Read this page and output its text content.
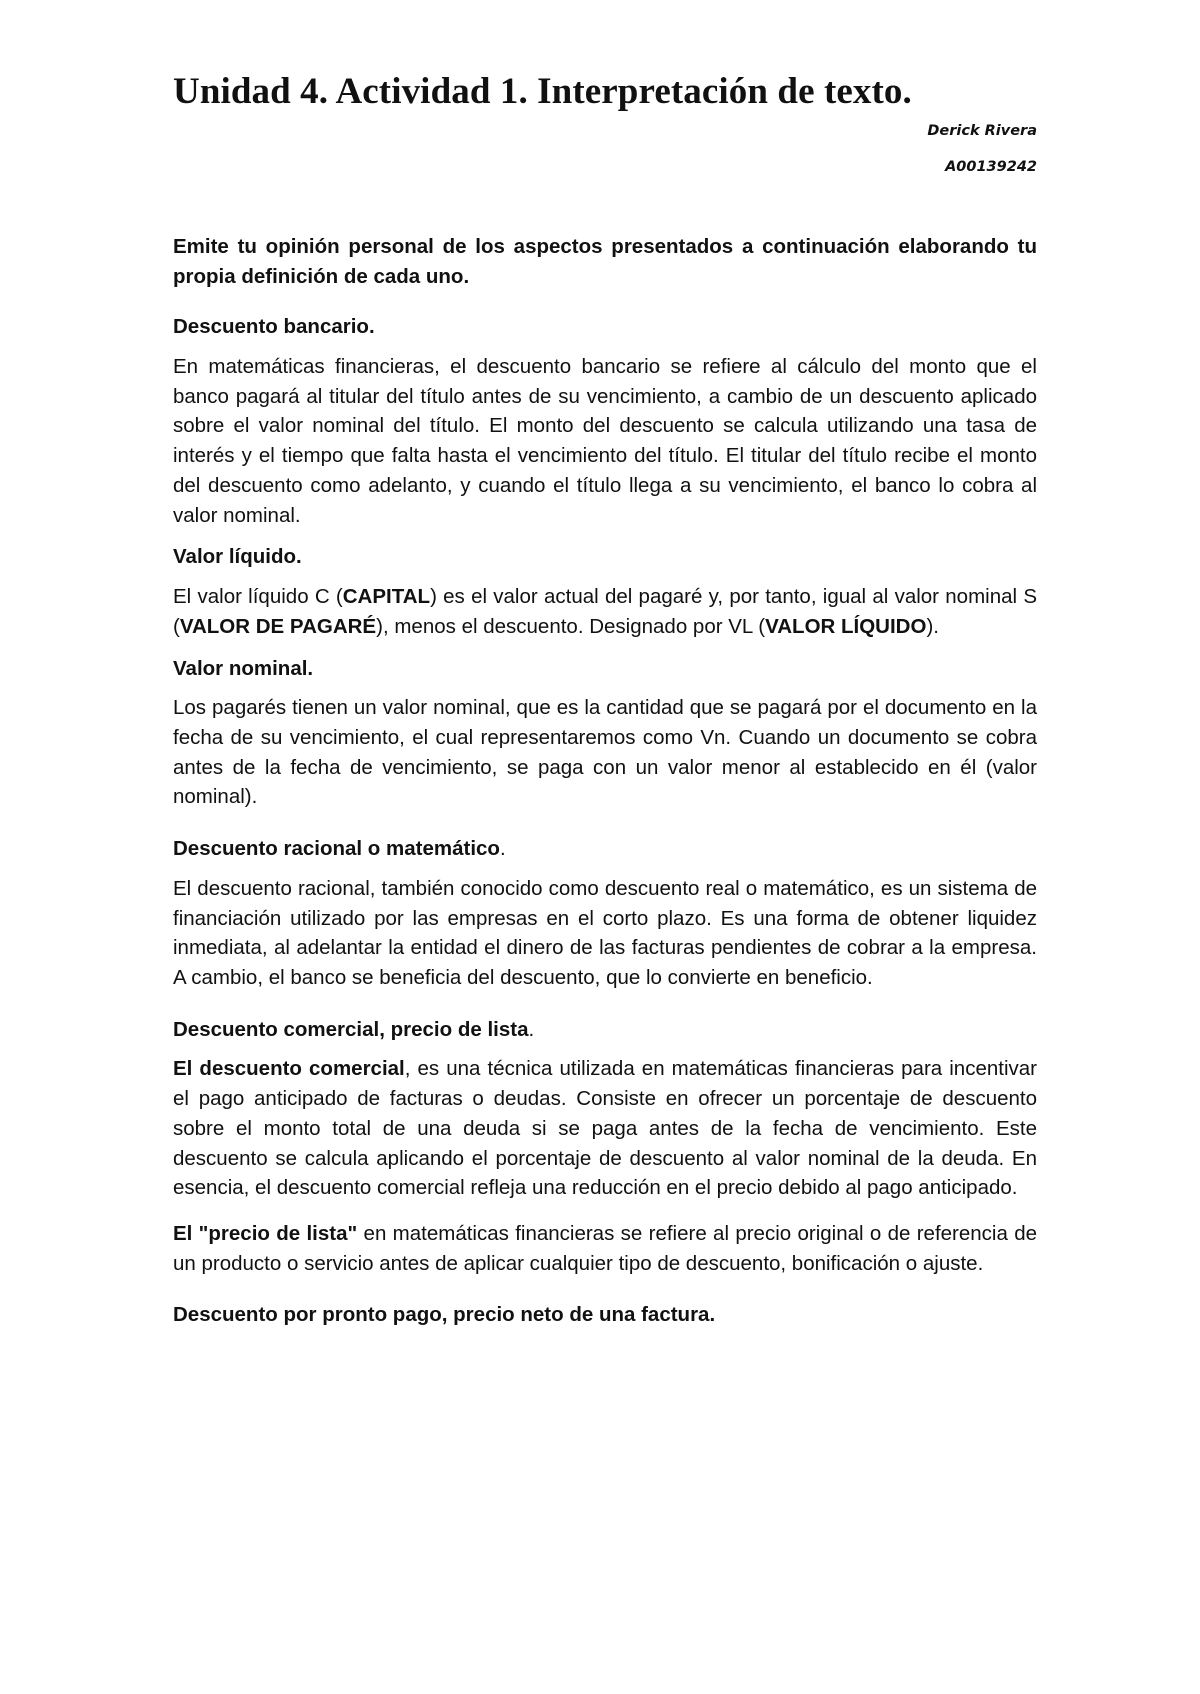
Unidad 4. Actividad 1. Interpretación de texto.
Derick Rivera
A00139242

Emite tu opinión personal de los aspectos presentados a continuación elaborando tu propia definición de cada uno.

Descuento bancario.

En matemáticas financieras, el descuento bancario se refiere al cálculo del monto que el banco pagará al titular del título antes de su vencimiento, a cambio de un descuento aplicado sobre el valor nominal del título. El monto del descuento se calcula utilizando una tasa de interés y el tiempo que falta hasta el vencimiento del título. El titular del título recibe el monto del descuento como adelanto, y cuando el título llega a su vencimiento, el banco lo cobra al valor nominal.

Valor líquido.

El valor líquido C (CAPITAL) es el valor actual del pagaré y, por tanto, igual al valor nominal S (VALOR DE PAGARÉ), menos el descuento. Designado por VL (VALOR LÍQUIDO).

Valor nominal.

Los pagarés tienen un valor nominal, que es la cantidad que se pagará por el documento en la fecha de su vencimiento, el cual representaremos como Vn. Cuando un documento se cobra antes de la fecha de vencimiento, se paga con un valor menor al establecido en él (valor nominal).

Descuento racional o matemático.

El descuento racional, también conocido como descuento real o matemático, es un sistema de financiación utilizado por las empresas en el corto plazo. Es una forma de obtener liquidez inmediata, al adelantar la entidad el dinero de las facturas pendientes de cobrar a la empresa. A cambio, el banco se beneficia del descuento, que lo convierte en beneficio.

Descuento comercial, precio de lista.

El descuento comercial, es una técnica utilizada en matemáticas financieras para incentivar el pago anticipado de facturas o deudas. Consiste en ofrecer un porcentaje de descuento sobre el monto total de una deuda si se paga antes de la fecha de vencimiento. Este descuento se calcula aplicando el porcentaje de descuento al valor nominal de la deuda. En esencia, el descuento comercial refleja una reducción en el precio debido al pago anticipado.

El "precio de lista" en matemáticas financieras se refiere al precio original o de referencia de un producto o servicio antes de aplicar cualquier tipo de descuento, bonificación o ajuste.

Descuento por pronto pago, precio neto de una factura.
